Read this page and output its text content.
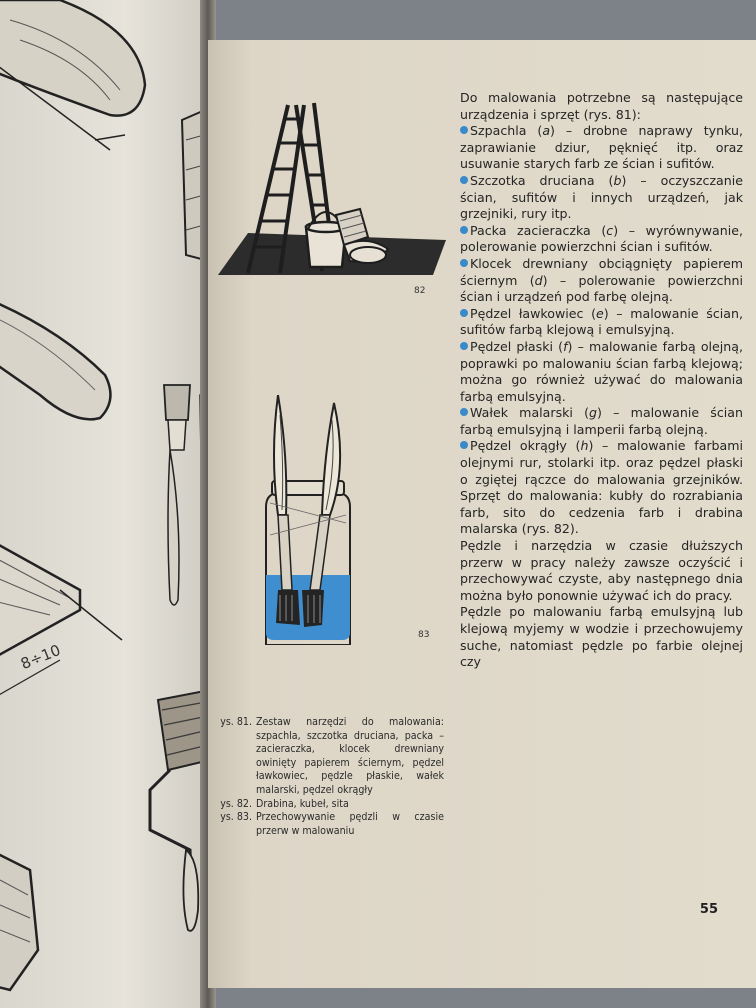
8÷10
82
83
ys. 81. Zestaw narzędzi do malowania: szpachla, szczotka druciana, packa – zacieraczka, klocek drewniany owinięty papierem ściernym, pędzel ławkowiec, pędzle płaskie, wałek malarski, pędzel okrągły
ys. 82. Drabina, kubeł, sita
ys. 83. Przechowywanie pędzli w czasie przerw w malowaniu

Do malowania potrzebne są następujące urządzenia i sprzęt (rys. 81):

Szpachla (a) – drobne naprawy tynku, zaprawianie dziur, pęknięć itp. oraz usuwanie starych farb ze ścian i sufitów.

Szczotka druciana (b) – oczyszczanie ścian, sufitów i innych urządzeń, jak grzejniki, rury itp.

Packa zacieraczka (c) – wyrównywanie, polerowanie powierzchni ścian i sufitów.

Klocek drewniany obciągnięty papierem ściernym (d) – polerowanie powierzchni ścian i urządzeń pod farbę olejną.

Pędzel ławkowiec (e) – malowanie ścian, sufitów farbą klejową i emulsyjną.

Pędzel płaski (f) – malowanie farbą olejną, poprawki po malowaniu ścian farbą klejową; można go również używać do malowania farbą emulsyjną.

Wałek malarski (g) – malowanie ścian farbą emulsyjną i lamperii farbą olejną.

Pędzel okrągły (h) – malowanie farbami olejnymi rur, stolarki itp. oraz pędzel płaski o zgiętej rączce do malowania grzejników. Sprzęt do malowania: kubły do rozrabiania farb, sito do cedzenia farb i drabina malarska (rys. 82).

Pędzle i narzędzia w czasie dłuższych przerw w pracy należy zawsze oczyścić i przechowywać czyste, aby następnego dnia można było ponownie używać ich do pracy.

Pędzle po malowaniu farbą emulsyjną lub klejową myjemy w wodzie i przechowujemy suche, natomiast pędzle po farbie olejnej czy

55
